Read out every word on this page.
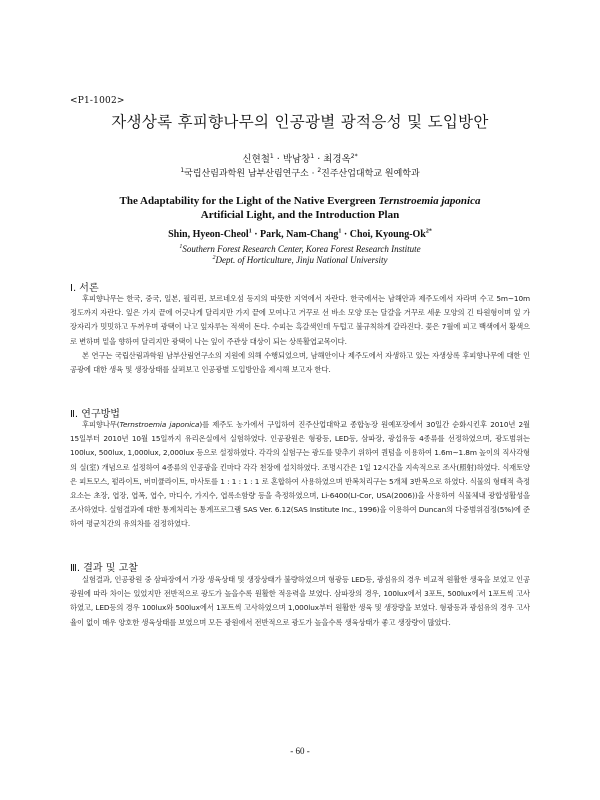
<P1-1002>
자생상록 후피향나무의 인공광별 광적응성 및 도입방안
신현철$^1$ · 박남창$^1$ · 최경옥$^{2*}$
$^1$국립산림과학원 남부산림연구소 · $^2$진주산업대학교 원예학과
The Adaptability for the Light of the Native Evergreen Ternstroemia japonica
Artificial Light, and the Introduction Plan
Shin, Hyeon-Cheol$^1$ · Park, Nam-Chang$^1$ · Choi, Kyoung-$Ok^{2*}$
$^1$Southern Forest Research Center, Korea Forest Research Institute
$^2$Dept. of Horticulture, Jinju National University
Ⅰ. 서론

후피향나무는 한국, 중국, 일본, 필리핀, 보르네오섬 등지의 따뜻한 지역에서 자란다. 한국에서는 남해안과 제주도에서 자라며 수고 5m~10m 정도까지 자란다. 잎은 가지 끝에 어긋나게 달리지만 가지 끝에 모여나고 거꾸로 선 바소 모양 또는 달걀을 거꾸로 세운 모양의 긴 타원형이며 잎 가장자리가 밋밋하고 두꺼우며 광택이 나고 잎자루는 적색이 돈다. 수피는 흑갈색인데 두텁고 불규칙하게 갈라진다. 꽃은 7월에 피고 백색에서 황색으로 변하며 밑을 향하여 달리지만 광택이 나는 잎이 주관상 대상이 되는 상록활엽교목이다.

본 연구는 국립산림과학원 남부산림연구소의 지원에 의해 수행되었으며, 남해안이나 제주도에서 자생하고 있는 자생상록 후피향나무에 대한 인공광에 대한 생육 및 생장상태를 살펴보고 인공광별 도입방안을 제시해 보고자 한다.

Ⅱ. 연구방법

후피향나무(Ternstroemia japonica)를 제주도 농가에서 구입하여 진주산업대학교 종합농장 원예포장에서 30일간 순화시킨후 2010년 2월 15일부터 2010년 10월 15일까지 유리온실에서 실험하였다. 인공광원은 형광등, LED등, 삼파장, 광섭유등 4종류를 선정하였으며, 광도범위는 100lux, 500lux, 1,000lux, 2,000lux 등으로 설정하였다. 각각의 실험구는 광도를 맞추기 위하여 퀀텀을 이용하여 1.6m~1.8m 높이의 직사각형의 실(室) 개념으로 설정하여 4종류의 인공광을 킨마다 각각 천장에 설치하였다. 조명시간은 1일 12시간을 지속적으로 조사(照射)하였다. 식재토양은 피트모스, 펄라이트, 버미큘라이트, 마사토를 1 : 1 : 1 : 1 로 혼합하여 사용하였으며 반복처리구는 5개체 3반복으로 하였다. 식물의 형태적 측정요소는 초장, 엽장, 엽폭, 엽수, 마디수, 가지수, 엽록소함량 등을 측정하였으며, Li-6400(LI-Cor, USA(2006))을 사용하여 식물체내 광합성활성을 조사하였다. 실험결과에 대한 통계처리는 통계프로그램 SAS Ver. 6.12(SAS Institute Inc., 1996)을 이용하여 Duncan의 다중범위검정(5%)에 준하여 평균치간의 유의차를 검정하였다.

Ⅲ. 결과 및 고찰

실험결과, 인공광원 중 삼파장에서 가장 생육상태 및 생장상태가 불량하였으며 형광등 LED등, 광섬유의 경우 비교적 원활한 생육을 보였고 인공광원에 따라 차이는 있었지만 전반적으로 광도가 높을수록 원활한 적응력을 보였다. 삼파장의 경우, 100lux에서 3포트, 500lux에서 1포트씩 고사하였고, LED등의 경우 100lux와 500lux에서 1포트씩 고사하였으며 1,000lux부터 원활한 생육 및 생장량을 보였다. 형광등과 광섬유의 경우 고사율이 없이 매우 양호한 생육상태를 보였으며 모든 광원에서 전반적으로 광도가 높을수록 생육상태가 좋고 생장량이 많았다.

- 60 -
